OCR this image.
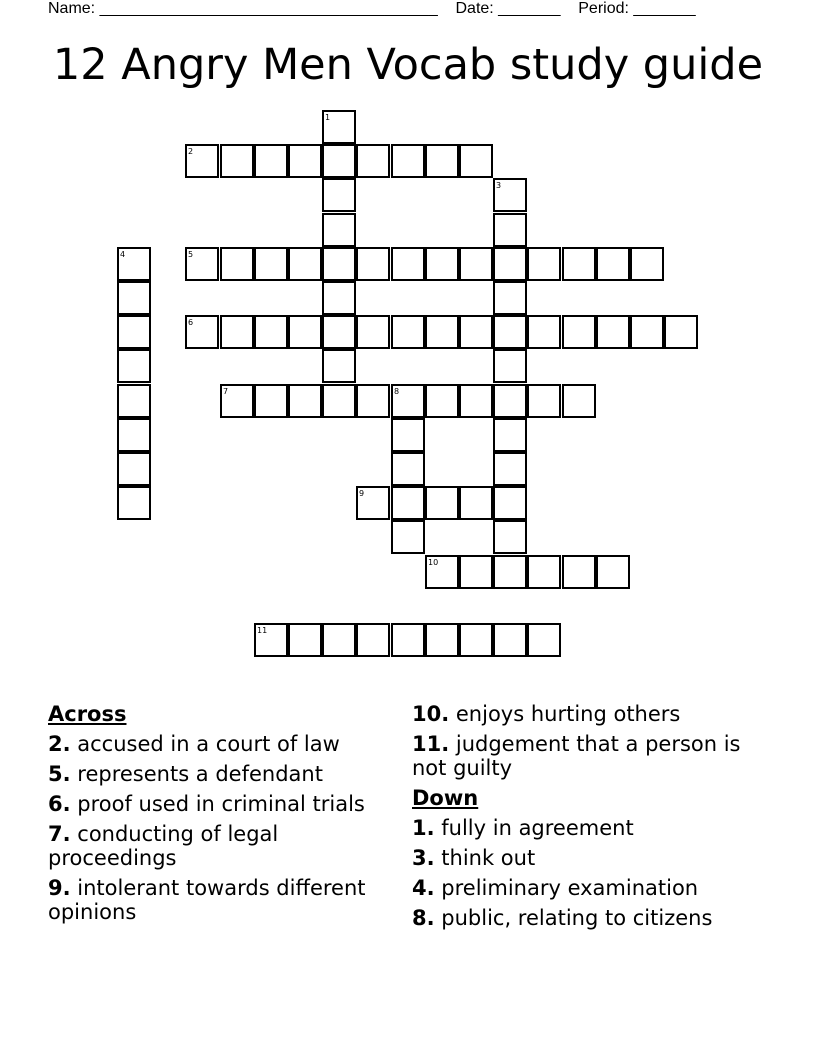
Name: ______________________________________    Date: _______    Period: _______
12 Angry Men Vocab study guide
1
2
3
4	5
6
7	8
9
10
11
Across
2. accused in a court of law
5. represents a defendant
6. proof used in criminal trials
7. conducting of legal proceedings
9. intolerant towards different opinions
10. enjoys hurting others
11. judgement that a person is not guilty
Down
1. fully in agreement
3. think out
4. preliminary examination
8. public, relating to citizens
